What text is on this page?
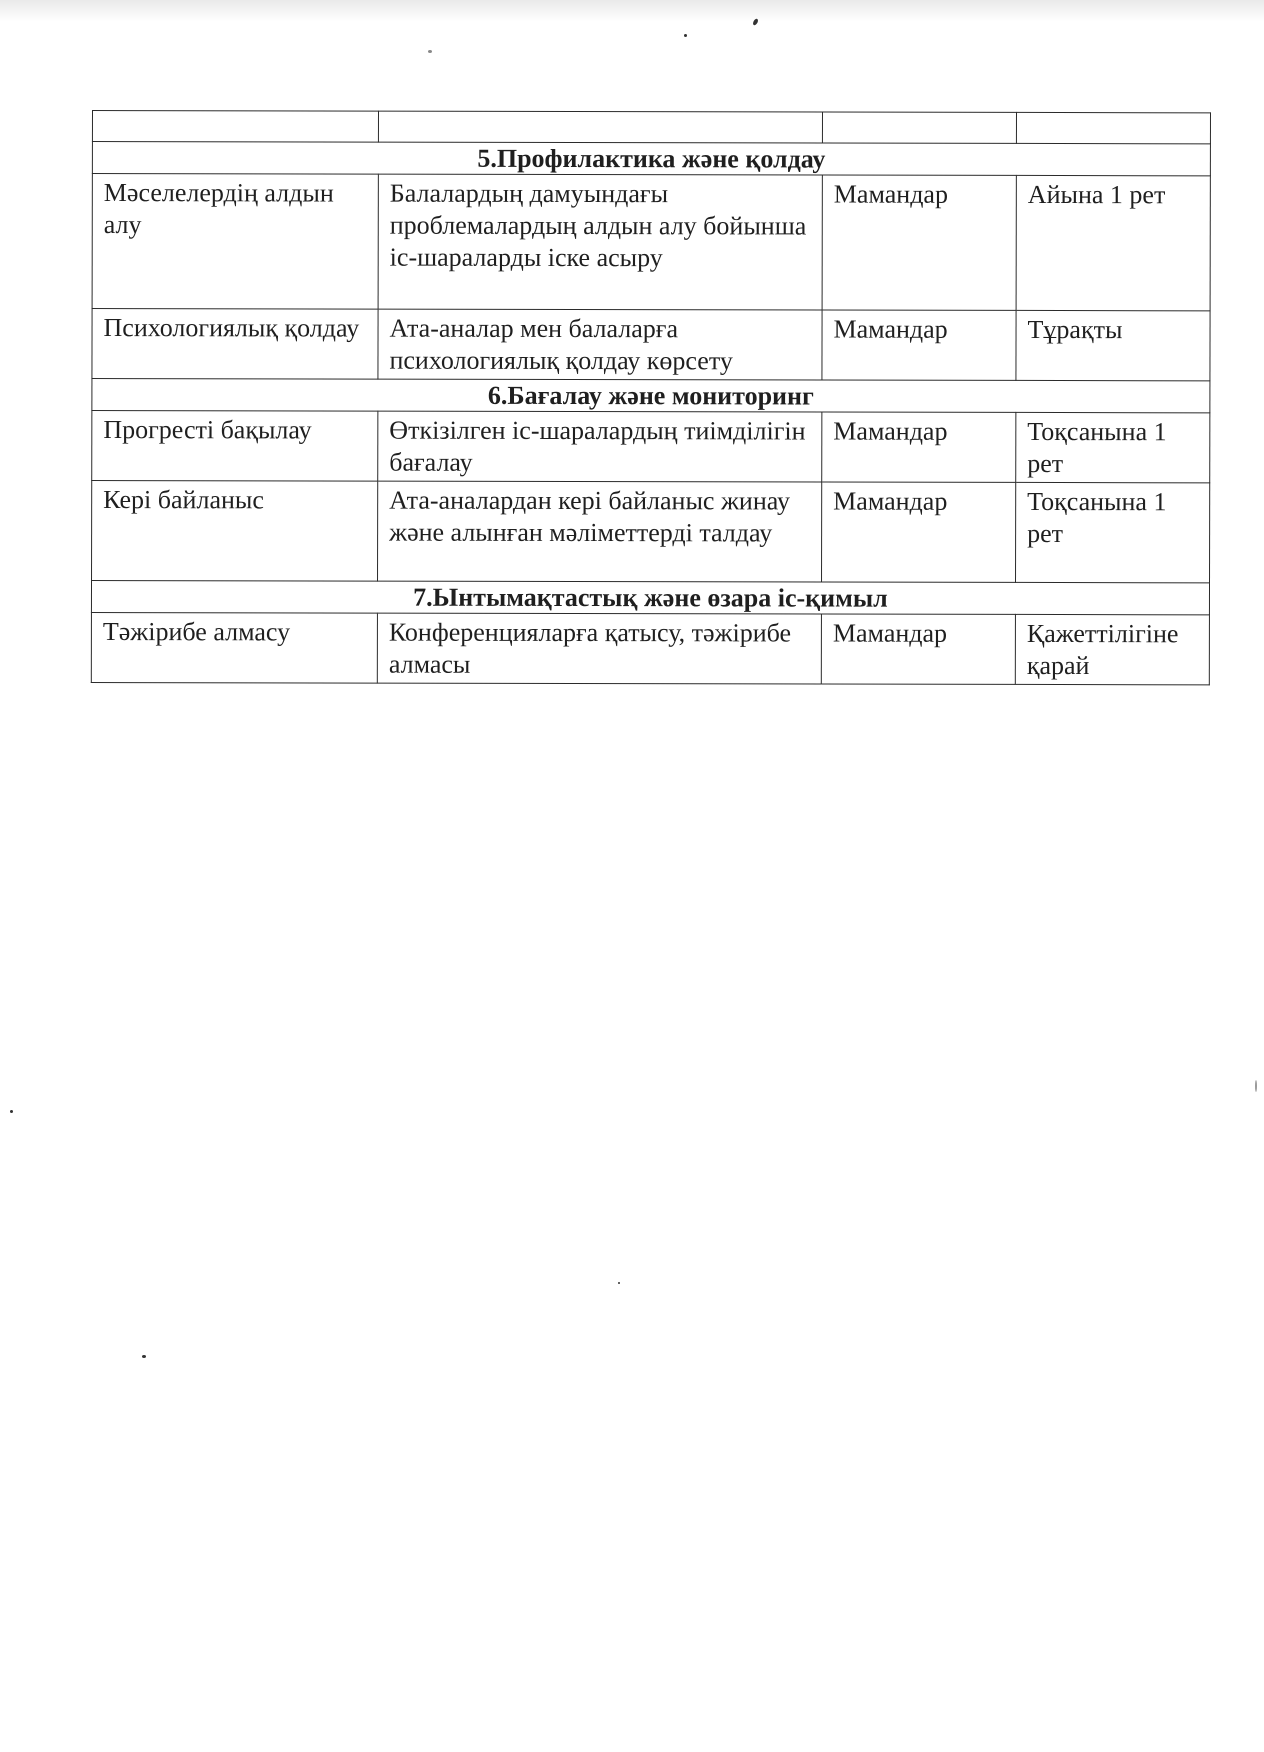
5.Профилактика және қолдау			
Мәселелердің алдын алу	Балалардың дамуындағы проблемалардың алдын алу бойынша іс-шараларды іске асыру	Мамандар	Айына 1 рет
Психологиялық қолдау	Ата-аналар мен балаларға психологиялық қолдау көрсету	Мамандар	Тұрақты
6.Бағалау және мониторинг			
Прогресті бақылау	Өткізілген іс-шаралардың тиімділігін бағалау	Мамандар	Тоқсанына 1 рет
Кері байланыс	Ата-аналардан кері байланыс жинау және алынған мәліметтерді талдау	Мамандар	Тоқсанына 1 рет
7.Ынтымақтастық және өзара іс-қимыл			
Тәжірибе алмасу	Конференцияларға қатысу, тәжірибе алмасы	Мамандар	Қажеттілігіне қарай
